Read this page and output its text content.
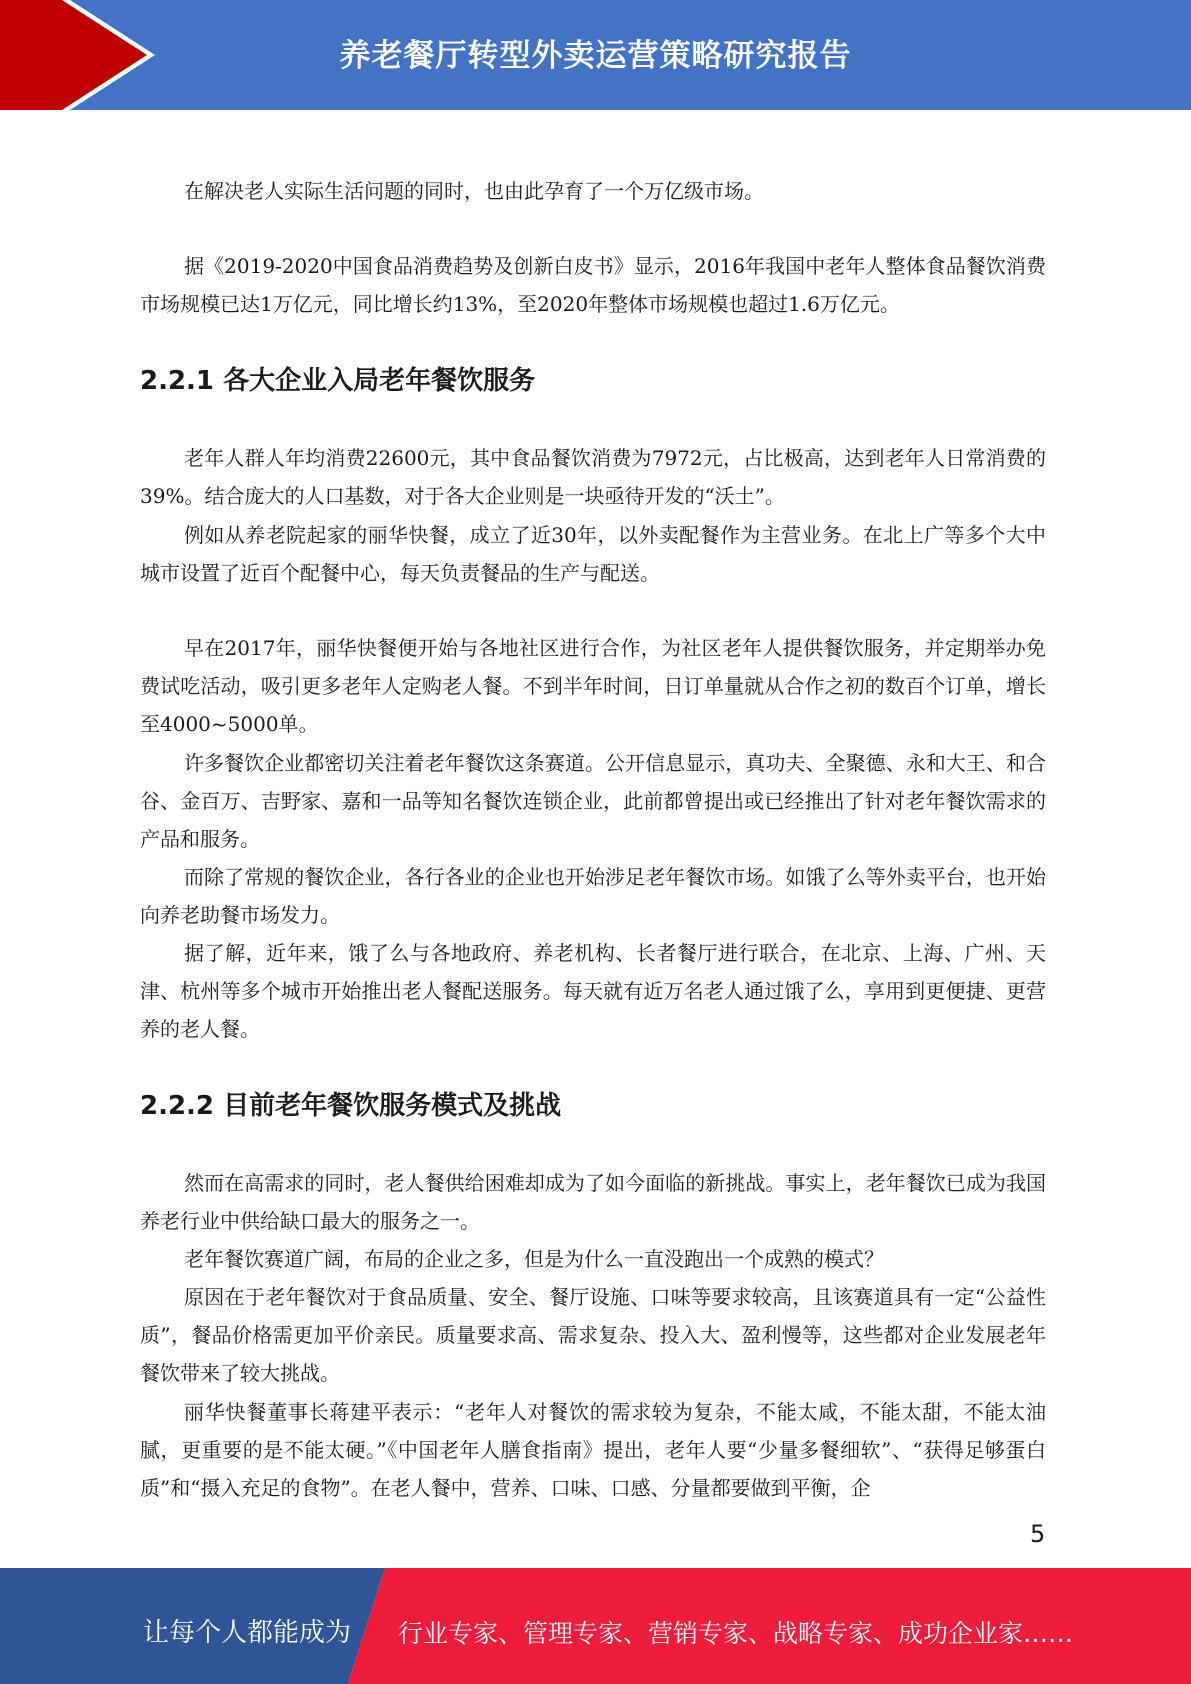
养老餐厅转型外卖运营策略研究报告

在解决老人实际生活问题的同时，也由此孕育了一个万亿级市场。

据《2019-2020中国食品消费趋势及创新白皮书》显示，2016年我国中老年人整体食品餐饮消费市场规模已达1万亿元，同比增长约13%，至2020年整体市场规模也超过1.6万亿元。

2.2.1 各大企业入局老年餐饮服务

老年人群人年均消费22600元，其中食品餐饮消费为7972元，占比极高，达到老年人日常消费的39%。结合庞大的人口基数，对于各大企业则是一块亟待开发的“沃土”。

例如从养老院起家的丽华快餐，成立了近30年，以外卖配餐作为主营业务。在北上广等多个大中城市设置了近百个配餐中心，每天负责餐品的生产与配送。

早在2017年，丽华快餐便开始与各地社区进行合作，为社区老年人提供餐饮服务，并定期举办免费试吃活动，吸引更多老年人定购老人餐。不到半年时间，日订单量就从合作之初的数百个订单，增长至4000~5000单。

许多餐饮企业都密切关注着老年餐饮这条赛道。公开信息显示，真功夫、全聚德、永和大王、和合谷、金百万、吉野家、嘉和一品等知名餐饮连锁企业，此前都曾提出或已经推出了针对老年餐饮需求的产品和服务。

而除了常规的餐饮企业，各行各业的企业也开始涉足老年餐饮市场。如饿了么等外卖平台，也开始向养老助餐市场发力。

据了解，近年来，饿了么与各地政府、养老机构、长者餐厅进行联合，在北京、上海、广州、天津、杭州等多个城市开始推出老人餐配送服务。每天就有近万名老人通过饿了么，享用到更便捷、更营养的老人餐。

2.2.2 目前老年餐饮服务模式及挑战

然而在高需求的同时，老人餐供给困难却成为了如今面临的新挑战。事实上，老年餐饮已成为我国养老行业中供给缺口最大的服务之一。

老年餐饮赛道广阔，布局的企业之多，但是为什么一直没跑出一个成熟的模式？

原因在于老年餐饮对于食品质量、安全、餐厅设施、口味等要求较高，且该赛道具有一定“公益性质”，餐品价格需更加平价亲民。质量要求高、需求复杂、投入大、盈利慢等，这些都对企业发展老年餐饮带来了较大挑战。

丽华快餐董事长蒋建平表示：“老年人对餐饮的需求较为复杂，不能太咸，不能太甜，不能太油腻，更重要的是不能太硬。”《中国老年人膳食指南》提出，老年人要“少量多餐细软”、“获得足够蛋白质”和“摄入充足的食物”。在老人餐中，营养、口味、口感、分量都要做到平衡，企

5
让每个人都能成为 行业专家、管理专家、营销专家、战略专家、成功企业家……
